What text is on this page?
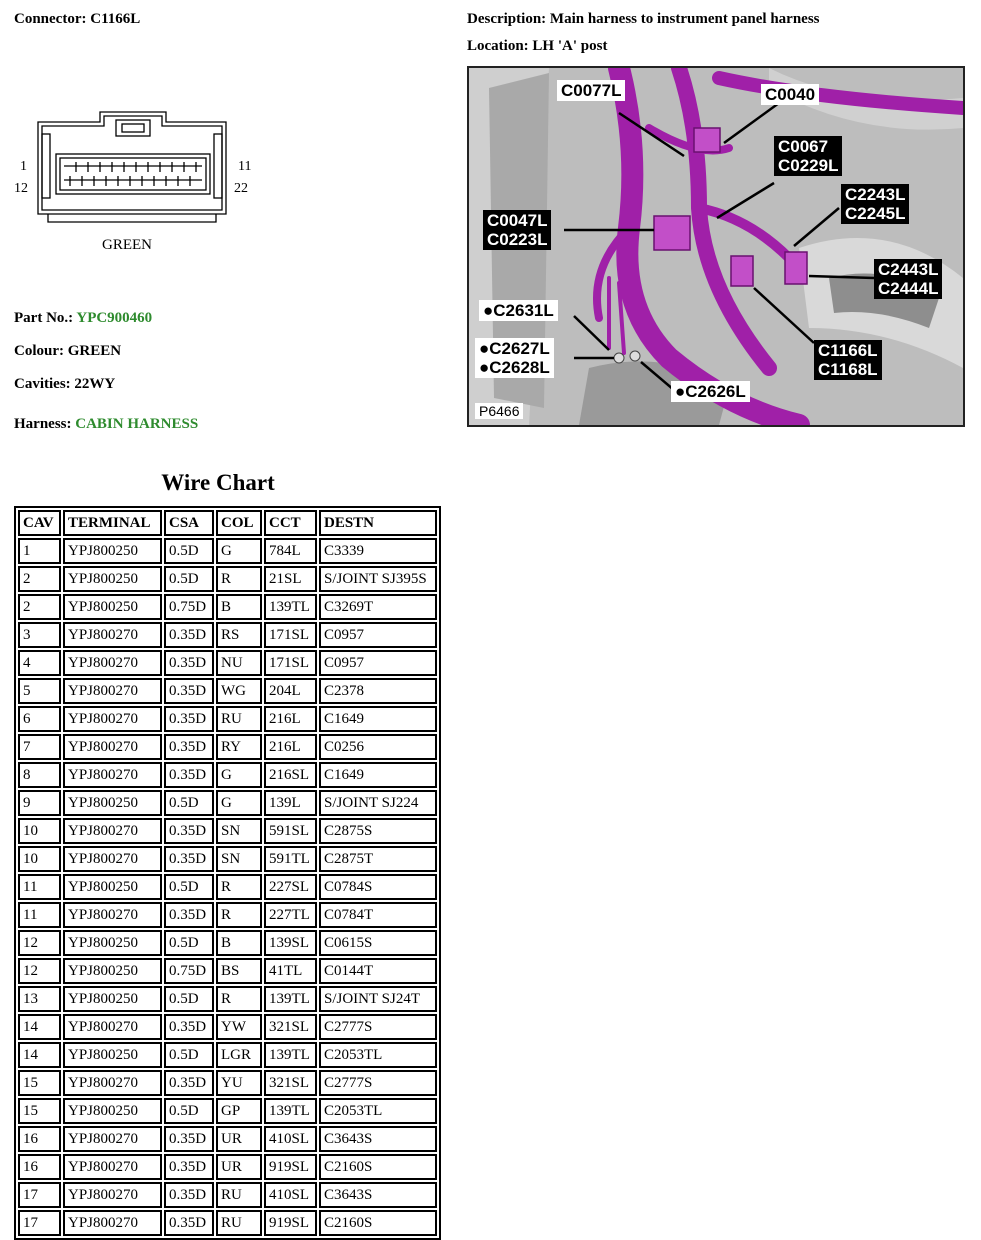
Connector: C1166L	Description: Main harness to instrument panel harness
Location: LH 'A' post
1
12
11
22
GREEN
Part No.: YPC900460
Colour: GREEN
Cavities: 22WY
Harness: CABIN HARNESS
C0077L	C0040
C0067
C0229L
C2243L
C2245L
C0047L
C0223L
C2443L
C2444L
●C2631L
●C2627L
●C2628L
C1166L
C1168L
●C2626L
P6466
Wire Chart
CAV	TERMINAL	CSA	COL	CCT	DESTN
1	YPJ800250	0.5D	G	784L	C3339
2	YPJ800250	0.5D	R	21SL	S/JOINT SJ395S
2	YPJ800250	0.75D	B	139TL	C3269T
3	YPJ800270	0.35D	RS	171SL	C0957
4	YPJ800270	0.35D	NU	171SL	C0957
5	YPJ800270	0.35D	WG	204L	C2378
6	YPJ800270	0.35D	RU	216L	C1649
7	YPJ800270	0.35D	RY	216L	C0256
8	YPJ800270	0.35D	G	216SL	C1649
9	YPJ800250	0.5D	G	139L	S/JOINT SJ224
10	YPJ800270	0.35D	SN	591SL	C2875S
10	YPJ800270	0.35D	SN	591TL	C2875T
11	YPJ800250	0.5D	R	227SL	C0784S
11	YPJ800270	0.35D	R	227TL	C0784T
12	YPJ800250	0.5D	B	139SL	C0615S
12	YPJ800250	0.75D	BS	41TL	C0144T
13	YPJ800250	0.5D	R	139TL	S/JOINT SJ24T
14	YPJ800270	0.35D	YW	321SL	C2777S
14	YPJ800250	0.5D	LGR	139TL	C2053TL
15	YPJ800270	0.35D	YU	321SL	C2777S
15	YPJ800250	0.5D	GP	139TL	C2053TL
16	YPJ800270	0.35D	UR	410SL	C3643S
16	YPJ800270	0.35D	UR	919SL	C2160S
17	YPJ800270	0.35D	RU	410SL	C3643S
17	YPJ800270	0.35D	RU	919SL	C2160S
